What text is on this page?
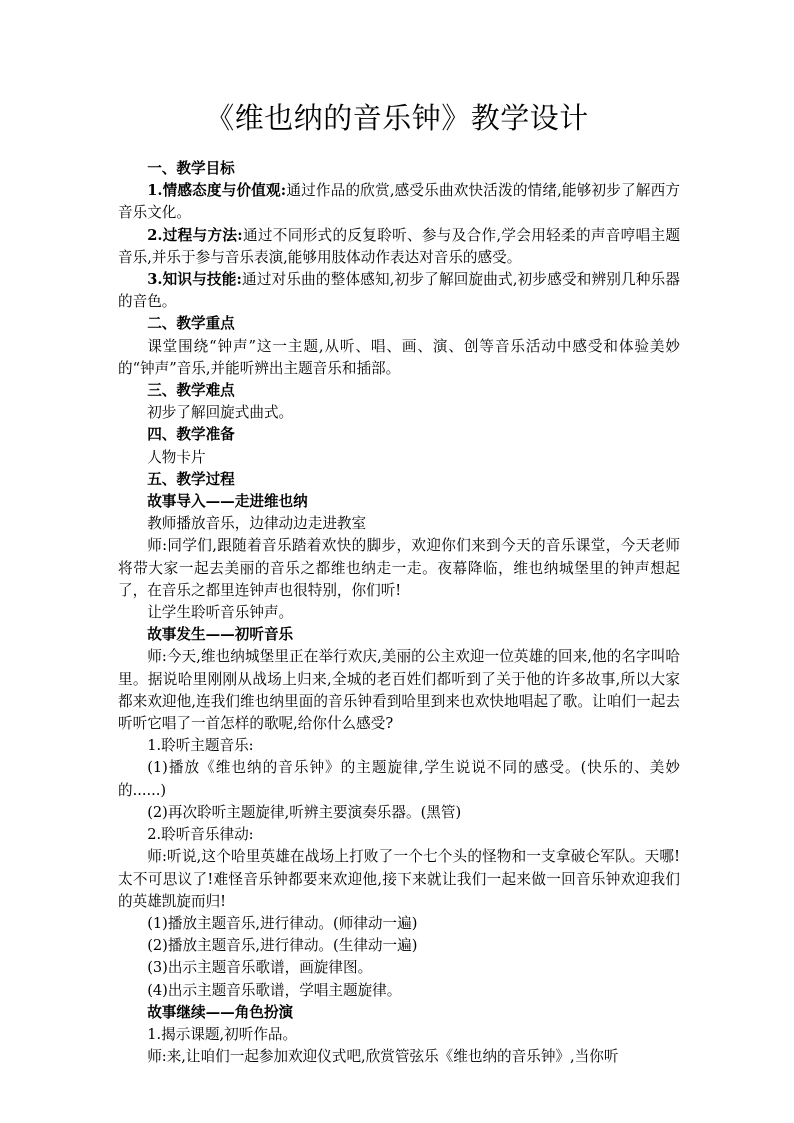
《维也纳的音乐钟》教学设计

一、教学目标

1.情感态度与价值观:通过作品的欣赏,感受乐曲欢快活泼的情绪,能够初步了解西方音乐文化。

2.过程与方法:通过不同形式的反复聆听、参与及合作,学会用轻柔的声音哼唱主题音乐,并乐于参与音乐表演,能够用肢体动作表达对音乐的感受。

3.知识与技能:通过对乐曲的整体感知,初步了解回旋曲式,初步感受和辨别几种乐器的音色。

二、教学重点

课堂围绕“钟声”这一主题,从听、唱、画、演、创等音乐活动中感受和体验美妙的“钟声”音乐,并能听辨出主题音乐和插部。

三、教学难点

初步了解回旋式曲式。

四、教学准备

人物卡片

五、教学过程

故事导入——走进维也纳

教师播放音乐，边律动边走进教室

师:同学们,跟随着音乐踏着欢快的脚步，欢迎你们来到今天的音乐课堂，今天老师将带大家一起去美丽的音乐之都维也纳走一走。夜幕降临，维也纳城堡里的钟声想起了，在音乐之都里连钟声也很特别，你们听!

让学生聆听音乐钟声。

故事发生——初听音乐

师:今天,维也纳城堡里正在举行欢庆,美丽的公主欢迎一位英雄的回来,他的名字叫哈里。据说哈里刚刚从战场上归来,全城的老百姓们都听到了关于他的许多故事,所以大家都来欢迎他,连我们维也纳里面的音乐钟看到哈里到来也欢快地唱起了歌。让咱们一起去听听它唱了一首怎样的歌呢,给你什么感受?

1.聆听主题音乐:

(1)播放《维也纳的音乐钟》的主题旋律,学生说说不同的感受。(快乐的、美妙的......)

(2)再次聆听主题旋律,听辨主要演奏乐器。(黑管)

2.聆听音乐律动:

师:听说,这个哈里英雄在战场上打败了一个七个头的怪物和一支拿破仑军队。天哪!太不可思议了!难怪音乐钟都要来欢迎他,接下来就让我们一起来做一回音乐钟欢迎我们的英雄凯旋而归!

(1)播放主题音乐,进行律动。(师律动一遍)

(2)播放主题音乐,进行律动。(生律动一遍)

(3)出示主题音乐歌谱，画旋律图。

(4)出示主题音乐歌谱，学唱主题旋律。

故事继续——角色扮演

1.揭示课题,初听作品。

师:来,让咱们一起参加欢迎仪式吧,欣赏管弦乐《维也纳的音乐钟》,当你听
